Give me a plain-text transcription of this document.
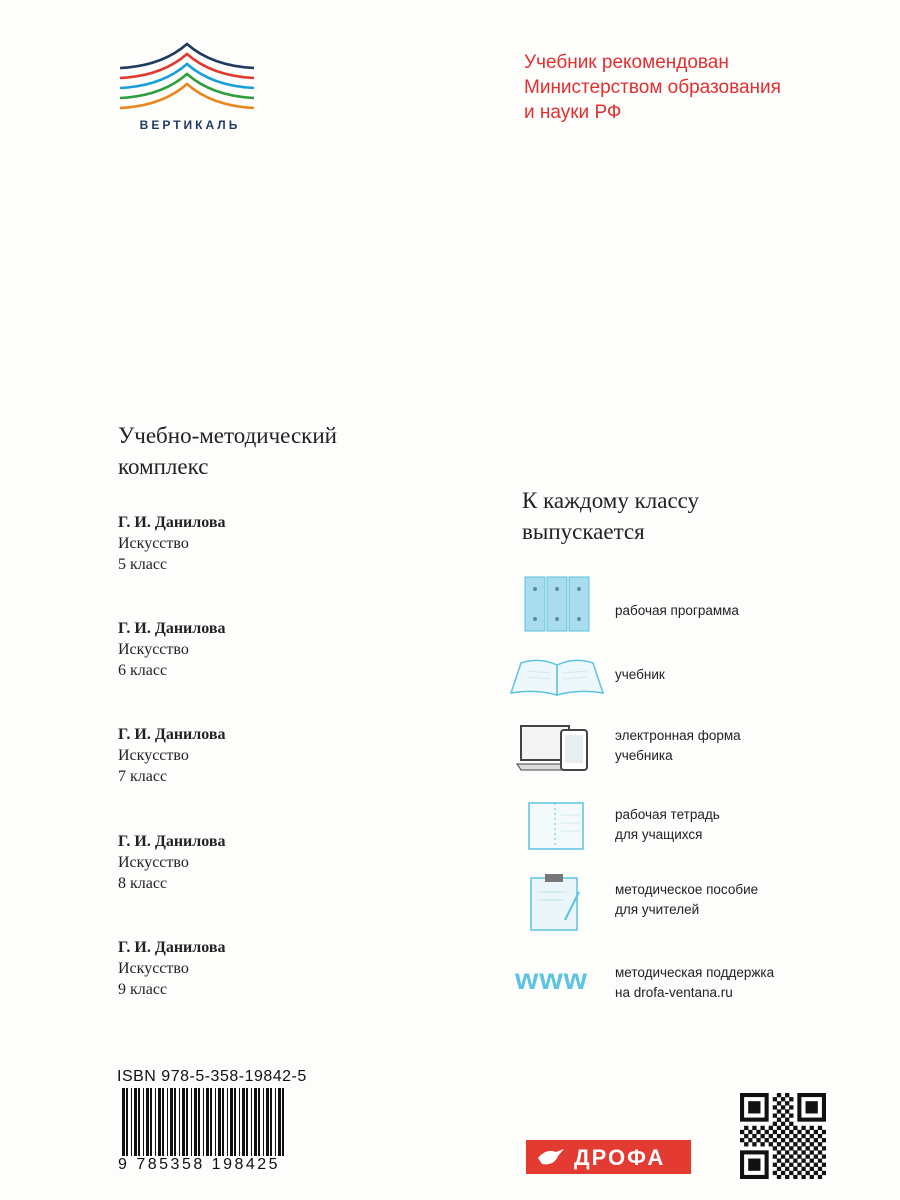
ВЕРТИКАЛЬ
Учебник рекомендован
Министерством образования
и науки РФ
Учебно-методический
комплекс
Г. И. Данилова
Искусство
5 класс
Г. И. Данилова
Искусство
6 класс
Г. И. Данилова
Искусство
7 класс
Г. И. Данилова
Искусство
8 класс
Г. И. Данилова
Искусство
9 класс
К каждому классу
выпускается
рабочая программа
учебник
электронная форма
учебника
рабочая тетрадь
для учащихся
методическое пособие
для учителей
www	методическая поддержка
на drofa-ventana.ru
ISBN 978-5-358-19842-5
9 785358 198425	ДРОФА
